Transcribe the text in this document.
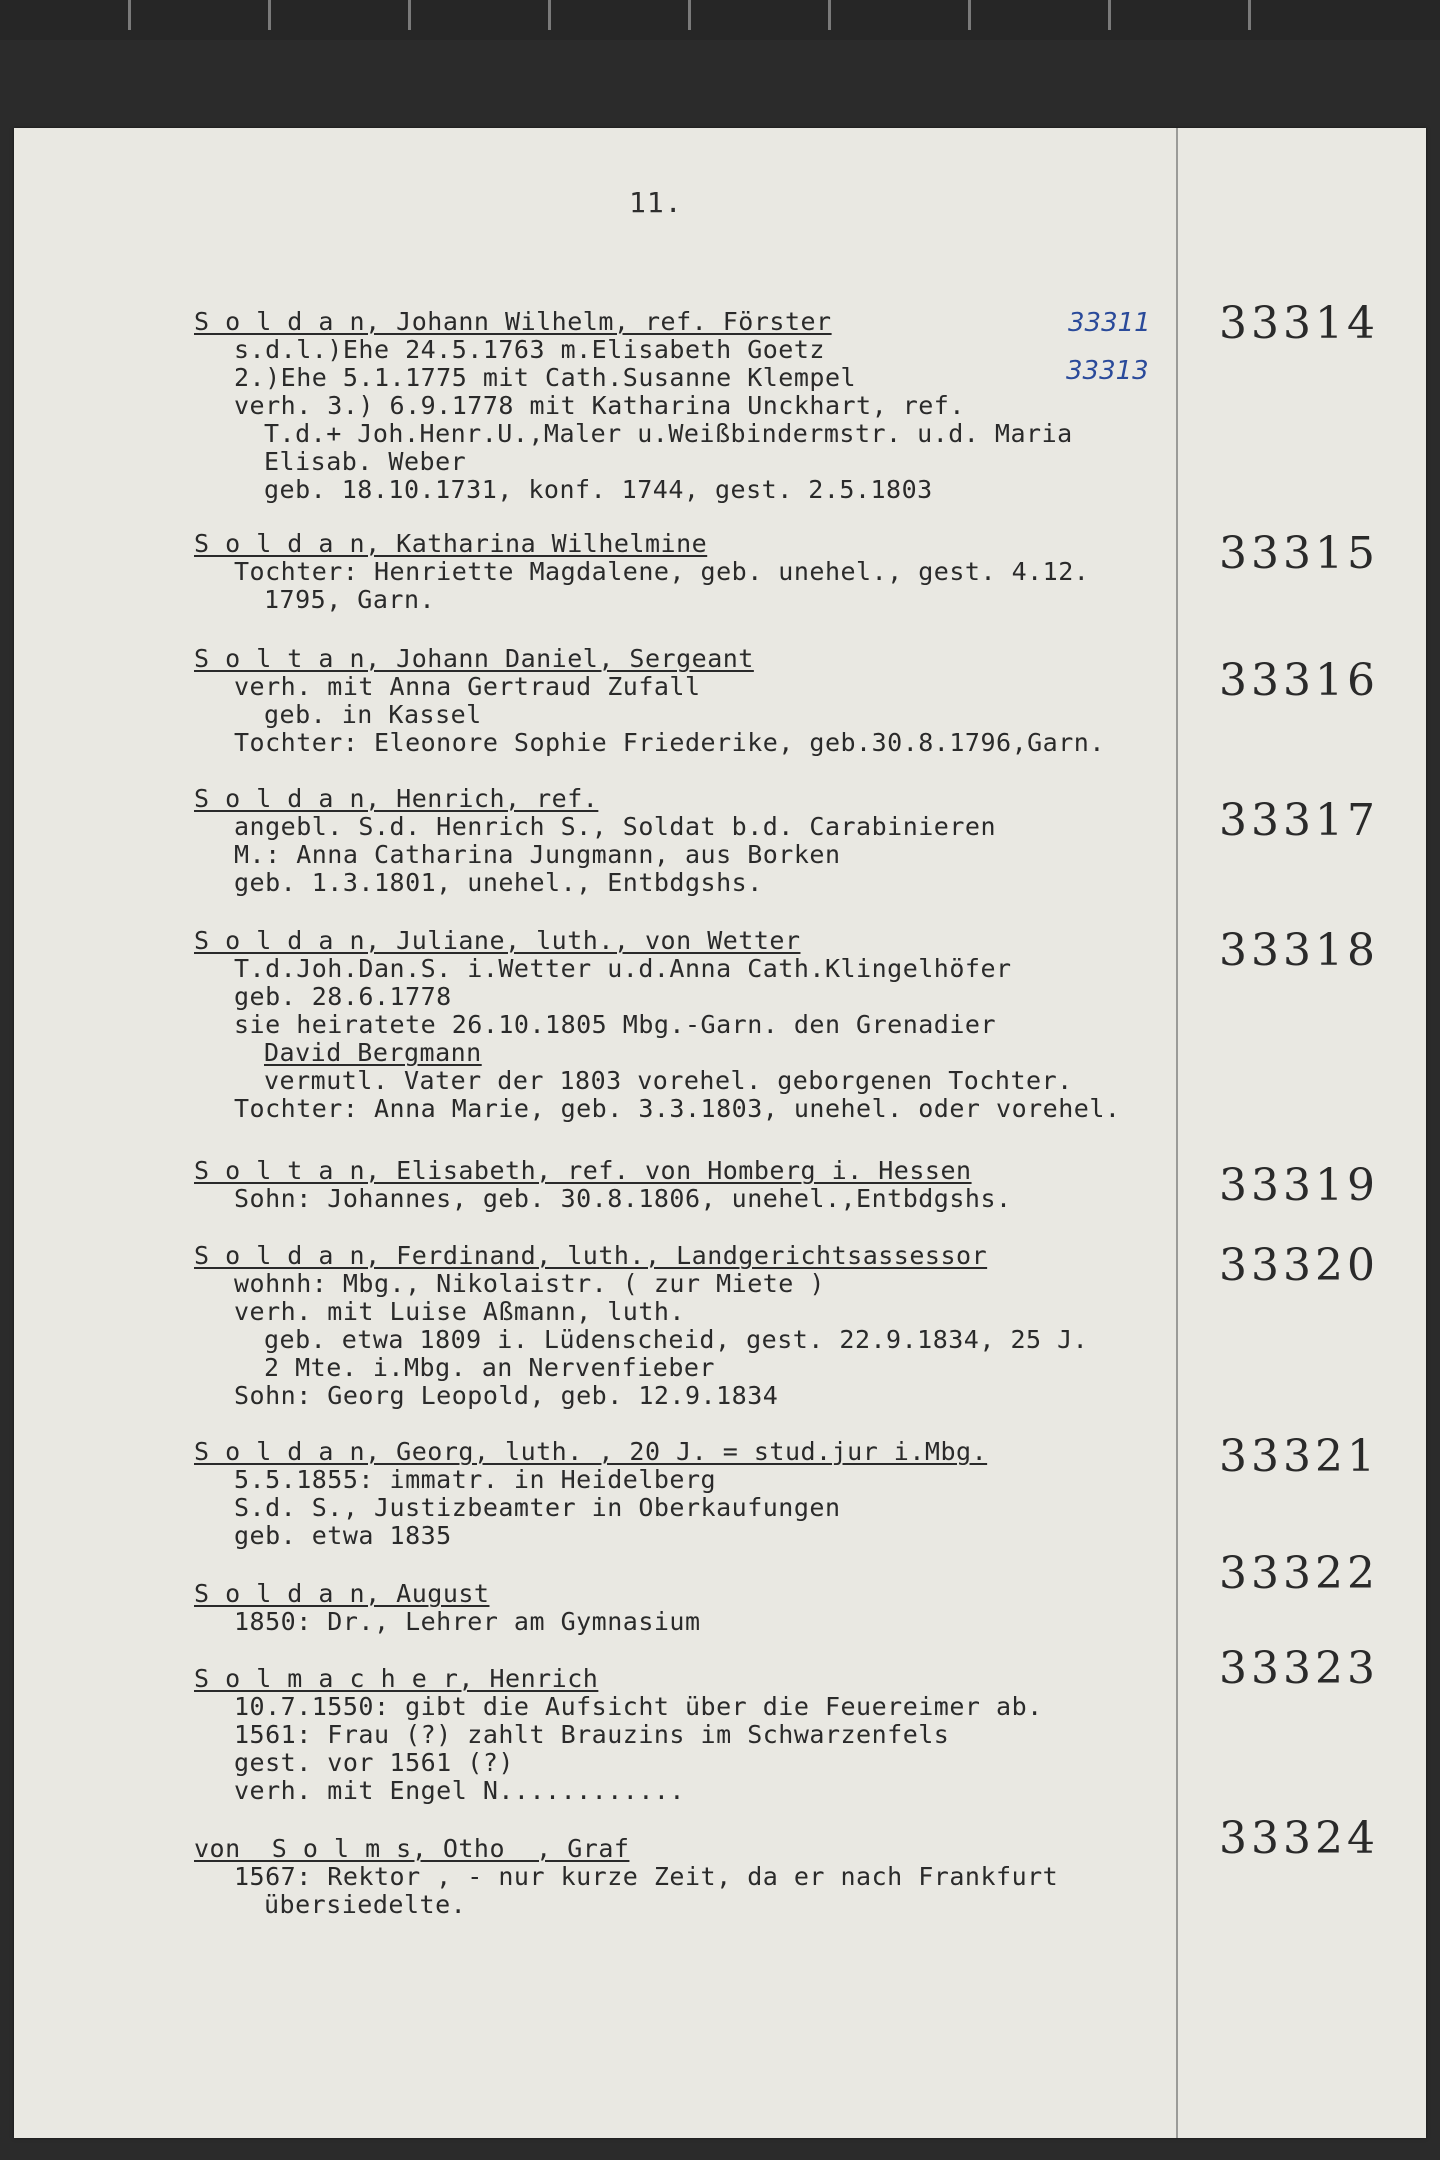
11.
33311
33313
33314
S o l d a n, Johann Wilhelm, ref. Förster
s.d.l.)Ehe 24.5.1763 m.Elisabeth Goetz
2.)Ehe 5.1.1775 mit Cath.Susanne Klempel
verh. 3.) 6.9.1778 mit Katharina Unckhart, ref.
T.d.+ Joh.Henr.U.,Maler u.Weißbindermstr. u.d. Maria
Elisab. Weber
geb. 18.10.1731, konf. 1744, gest. 2.5.1803
33315
S o l d a n, Katharina Wilhelmine
Tochter: Henriette Magdalene, geb. unehel., gest. 4.12.
1795, Garn.
33316
S o l t a n, Johann Daniel, Sergeant
verh. mit Anna Gertraud Zufall
geb. in Kassel
Tochter: Eleonore Sophie Friederike, geb.30.8.1796,Garn.
33317
S o l d a n, Henrich, ref.
angebl. S.d. Henrich S., Soldat b.d. Carabinieren
M.: Anna Catharina Jungmann, aus Borken
geb. 1.3.1801, unehel., Entbdgshs.
33318
S o l d a n, Juliane, luth., von Wetter
T.d.Joh.Dan.S. i.Wetter u.d.Anna Cath.Klingelhöfer
geb. 28.6.1778
sie heiratete 26.10.1805 Mbg.-Garn. den Grenadier
David Bergmann
vermutl. Vater der 1803 vorehel. geborgenen Tochter.
Tochter: Anna Marie, geb. 3.3.1803, unehel. oder vorehel.
33319
S o l t a n, Elisabeth, ref. von Homberg i. Hessen
Sohn: Johannes, geb. 30.8.1806, unehel.,Entbdgshs.
33320
S o l d a n, Ferdinand, luth., Landgerichtsassessor
wohnh: Mbg., Nikolaistr. ( zur Miete )
verh. mit Luise Aßmann, luth.
geb. etwa 1809 i. Lüdenscheid, gest. 22.9.1834, 25 J.
2 Mte. i.Mbg. an Nervenfieber
Sohn: Georg Leopold, geb. 12.9.1834
33321
S o l d a n, Georg, luth. , 20 J. = stud.jur i.Mbg.
5.5.1855: immatr. in Heidelberg
S.d. S., Justizbeamter in Oberkaufungen
geb. etwa 1835
33322
S o l d a n, August
1850: Dr., Lehrer am Gymnasium
33323
S o l m a c h e r, Henrich
10.7.1550: gibt die Aufsicht über die Feuereimer ab.
1561: Frau (?) zahlt Brauzins im Schwarzenfels
gest. vor 1561 (?)
verh. mit Engel N............
33324
von  S o l m s, Otho  , Graf
1567: Rektor , - nur kurze Zeit, da er nach Frankfurt
übersiedelte.
